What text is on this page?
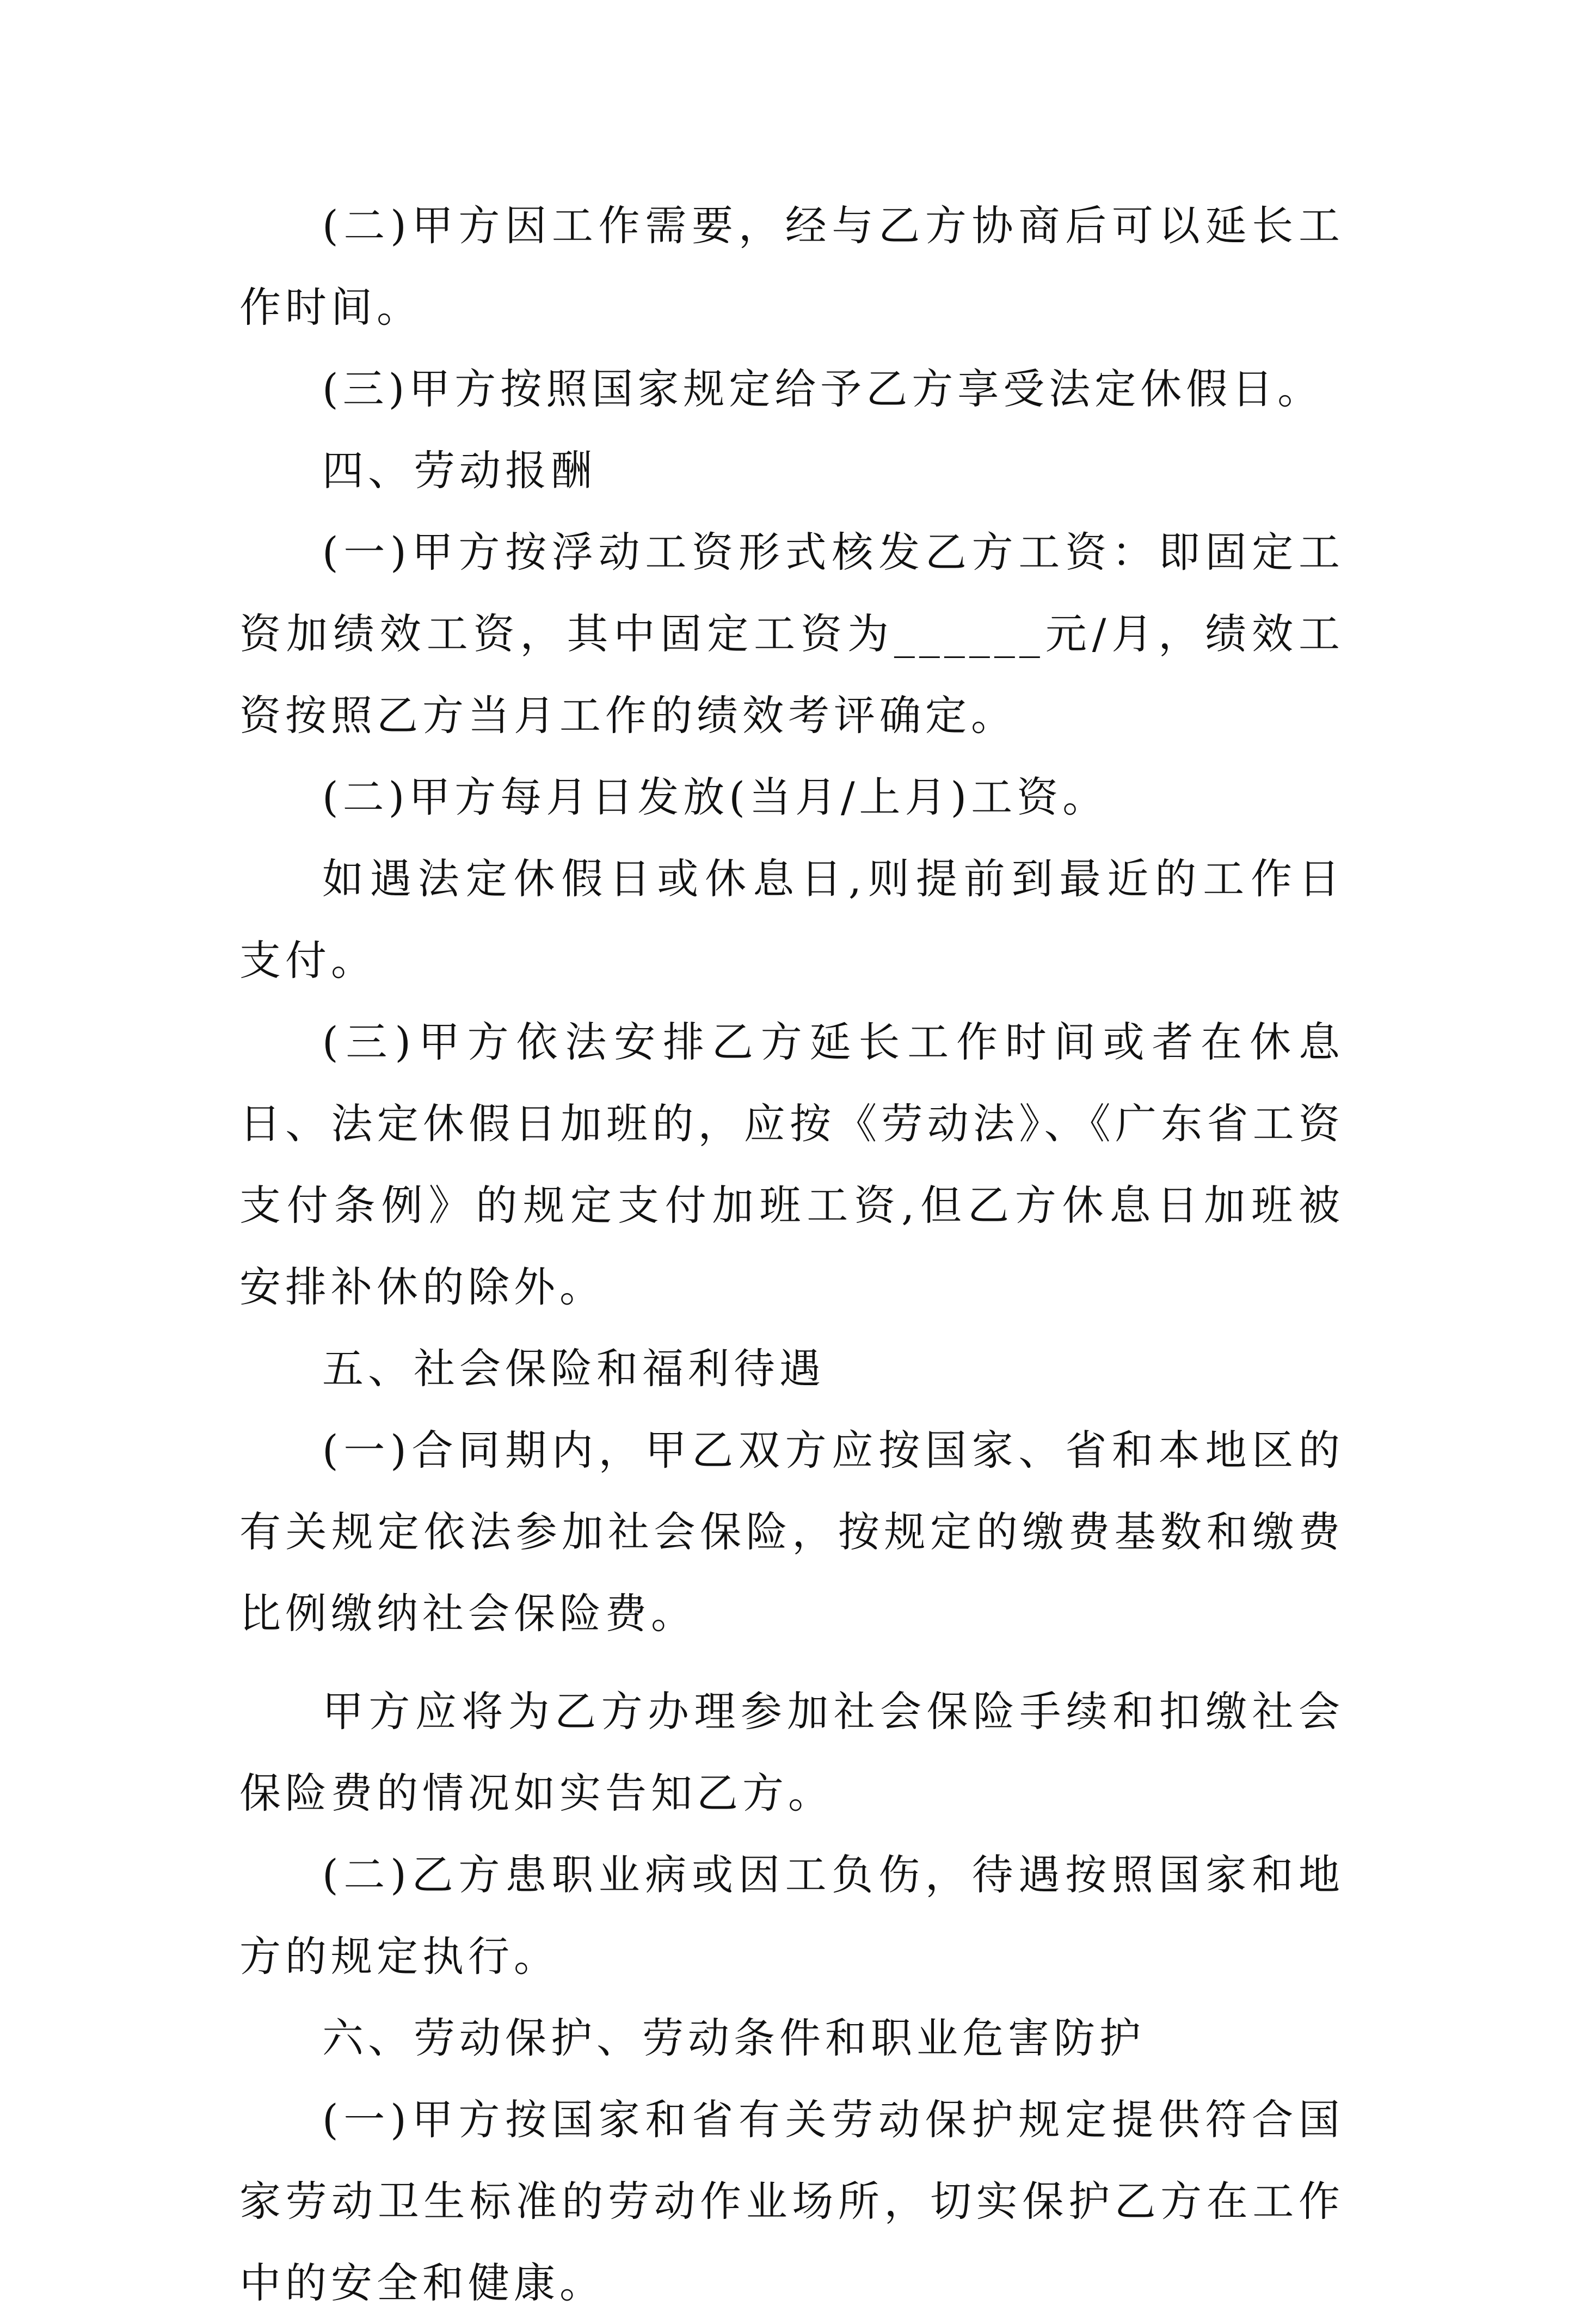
(二)甲方因工作需要，经与乙方协商后可以延长工作时间。

(三)甲方按照国家规定给予乙方享受法定休假日。

四、劳动报酬

(一)甲方按浮动工资形式核发乙方工资：即固定工资加绩效工资，其中固定工资为______元/月，绩效工资按照乙方当月工作的绩效考评确定。

(二)甲方每月日发放(当月/上月)工资。

如遇法定休假日或休息日,则提前到最近的工作日支付。

(三)甲方依法安排乙方延长工作时间或者在休息日、法定休假日加班的，应按《劳动法》、《广东省工资支付条例》的规定支付加班工资,但乙方休息日加班被安排补休的除外。

五、社会保险和福利待遇

(一)合同期内，甲乙双方应按国家、省和本地区的有关规定依法参加社会保险，按规定的缴费基数和缴费比例缴纳社会保险费。

甲方应将为乙方办理参加社会保险手续和扣缴社会保险费的情况如实告知乙方。

(二)乙方患职业病或因工负伤，待遇按照国家和地方的规定执行。

六、劳动保护、劳动条件和职业危害防护

(一)甲方按国家和省有关劳动保护规定提供符合国家劳动卫生标准的劳动作业场所，切实保护乙方在工作中的安全和健康。
